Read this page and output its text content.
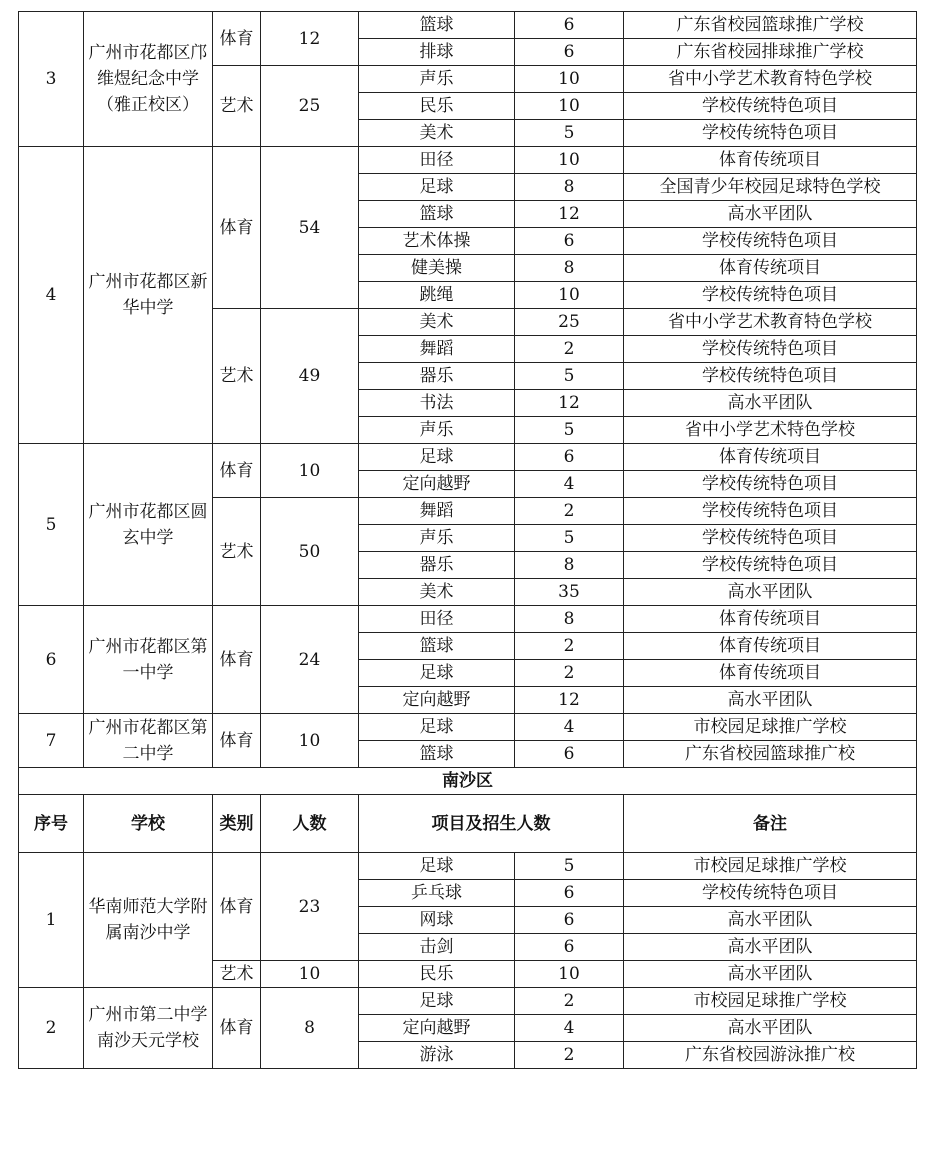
3	广州市花都区邝维煜纪念中学（雅正校区）	体育	12	篮球	6	广东省校园篮球推广学校
				排球	6	广东省校园排球推广学校
		艺术	25	声乐	10	省中小学艺术教育特色学校
				民乐	10	学校传统特色项目
				美术	5	学校传统特色项目
4	广州市花都区新华中学	体育	54	田径	10	体育传统项目
				足球	8	全国青少年校园足球特色学校
				篮球	12	高水平团队
				艺术体操	6	学校传统特色项目
				健美操	8	体育传统项目
				跳绳	10	学校传统特色项目
		艺术	49	美术	25	省中小学艺术教育特色学校
				舞蹈	2	学校传统特色项目
				器乐	5	学校传统特色项目
				书法	12	高水平团队
				声乐	5	省中小学艺术特色学校
5	广州市花都区圆玄中学	体育	10	足球	6	体育传统项目
				定向越野	4	学校传统特色项目
		艺术	50	舞蹈	2	学校传统特色项目
				声乐	5	学校传统特色项目
				器乐	8	学校传统特色项目
				美术	35	高水平团队
6	广州市花都区第一中学	体育	24	田径	8	体育传统项目
				篮球	2	体育传统项目
				足球	2	体育传统项目
				定向越野	12	高水平团队
7	广州市花都区第二中学	体育	10	足球	4	市校园足球推广学校
				篮球	6	广东省校园篮球推广校
南沙区						
序号	学校	类别	人数	项目及招生人数		备注
1	华南师范大学附属南沙中学	体育	23	足球	5	市校园足球推广学校
				乒乓球	6	学校传统特色项目
				网球	6	高水平团队
				击剑	6	高水平团队
		艺术	10	民乐	10	高水平团队
2	广州市第二中学南沙天元学校	体育	8	足球	2	市校园足球推广学校
				定向越野	4	高水平团队
				游泳	2	广东省校园游泳推广校
